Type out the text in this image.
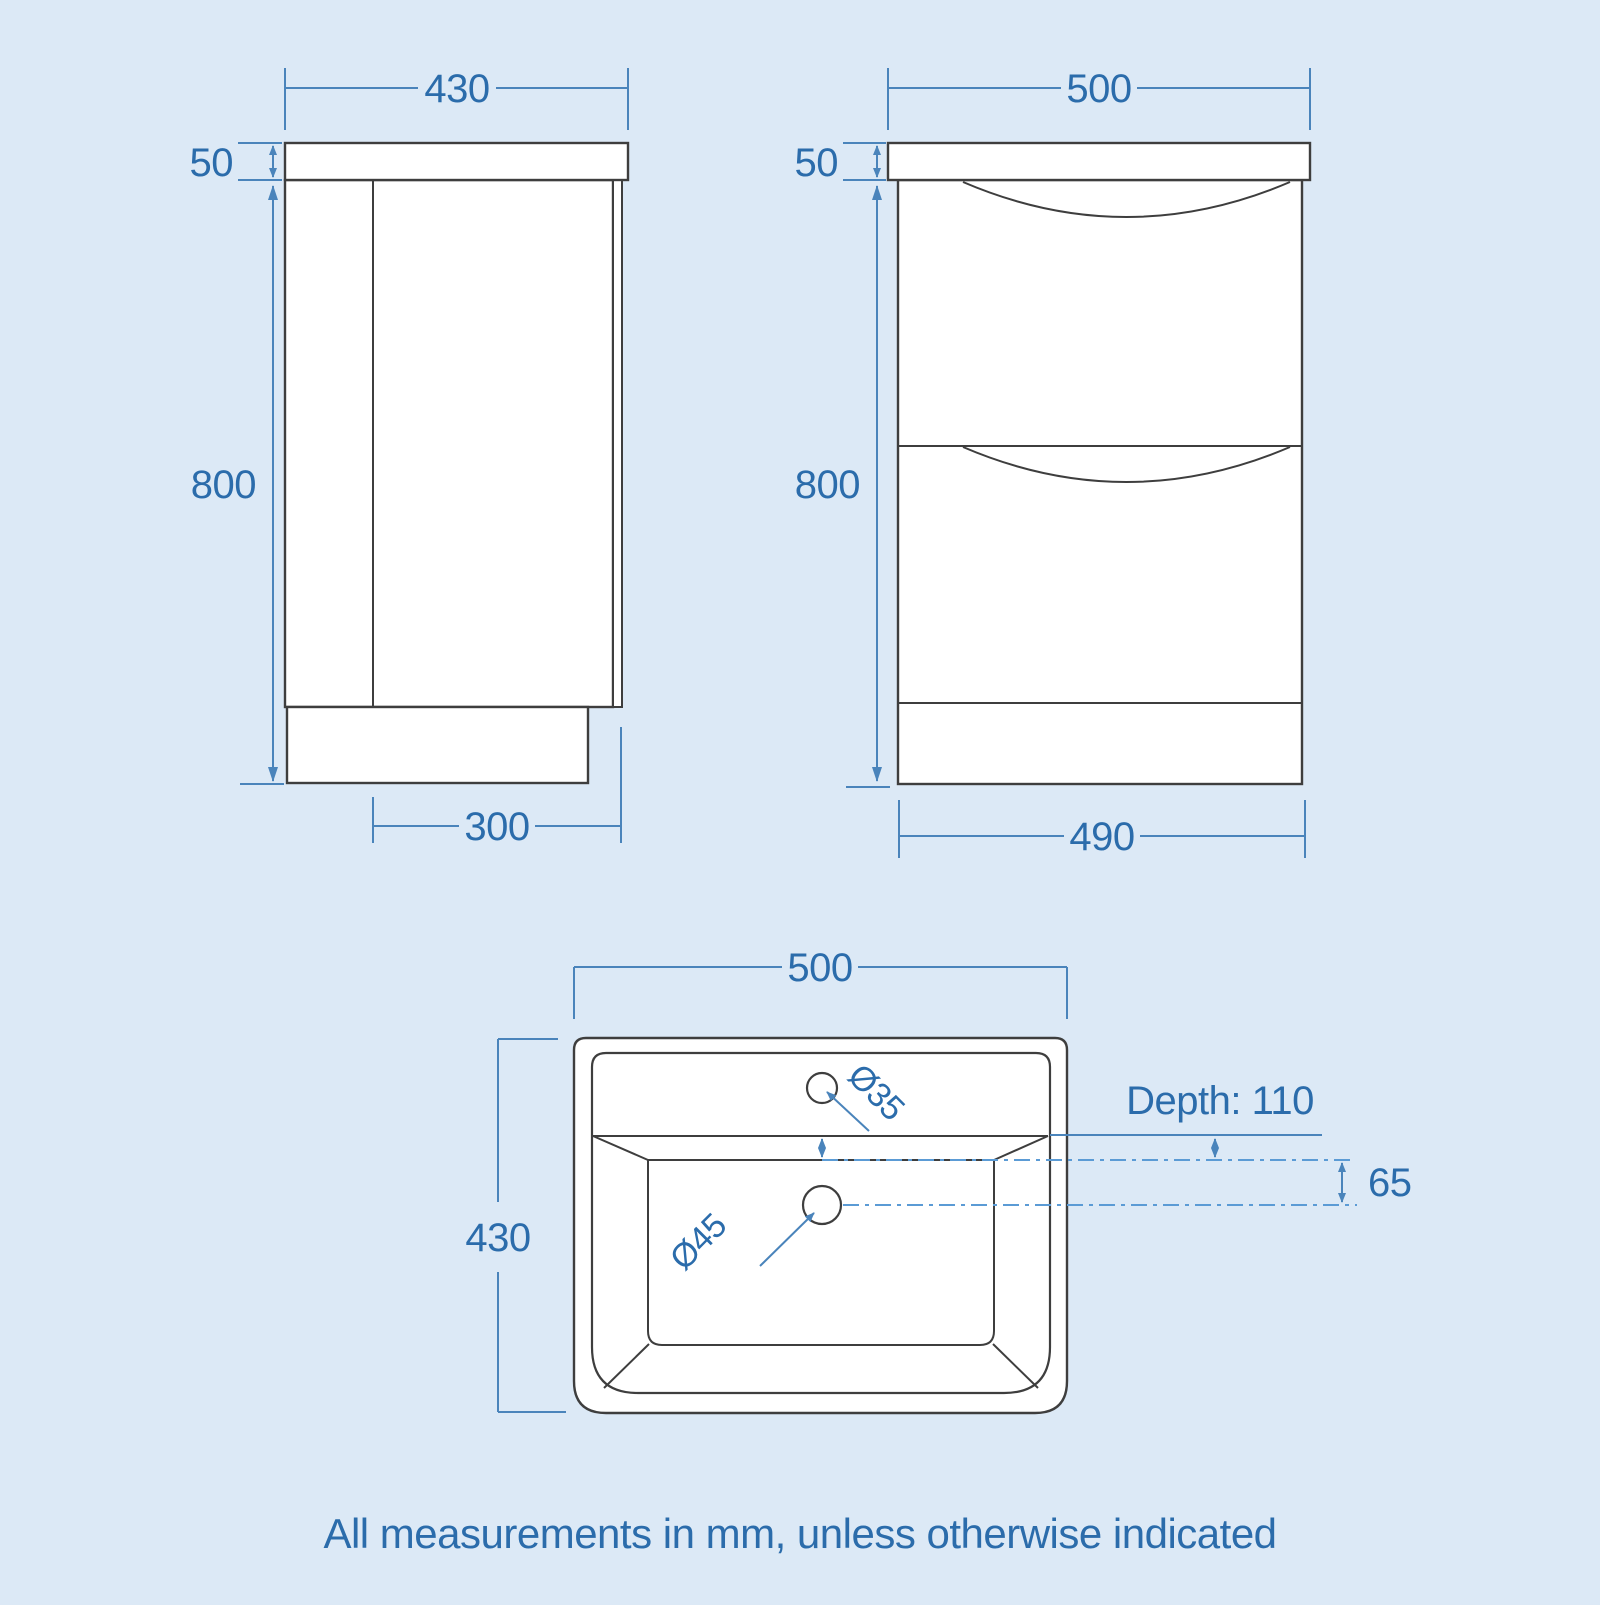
430
50
800
300
500
50
800
490
500
430
Depth: 110
65
Ø35
Ø45
All measurements in mm, unless otherwise indicated
